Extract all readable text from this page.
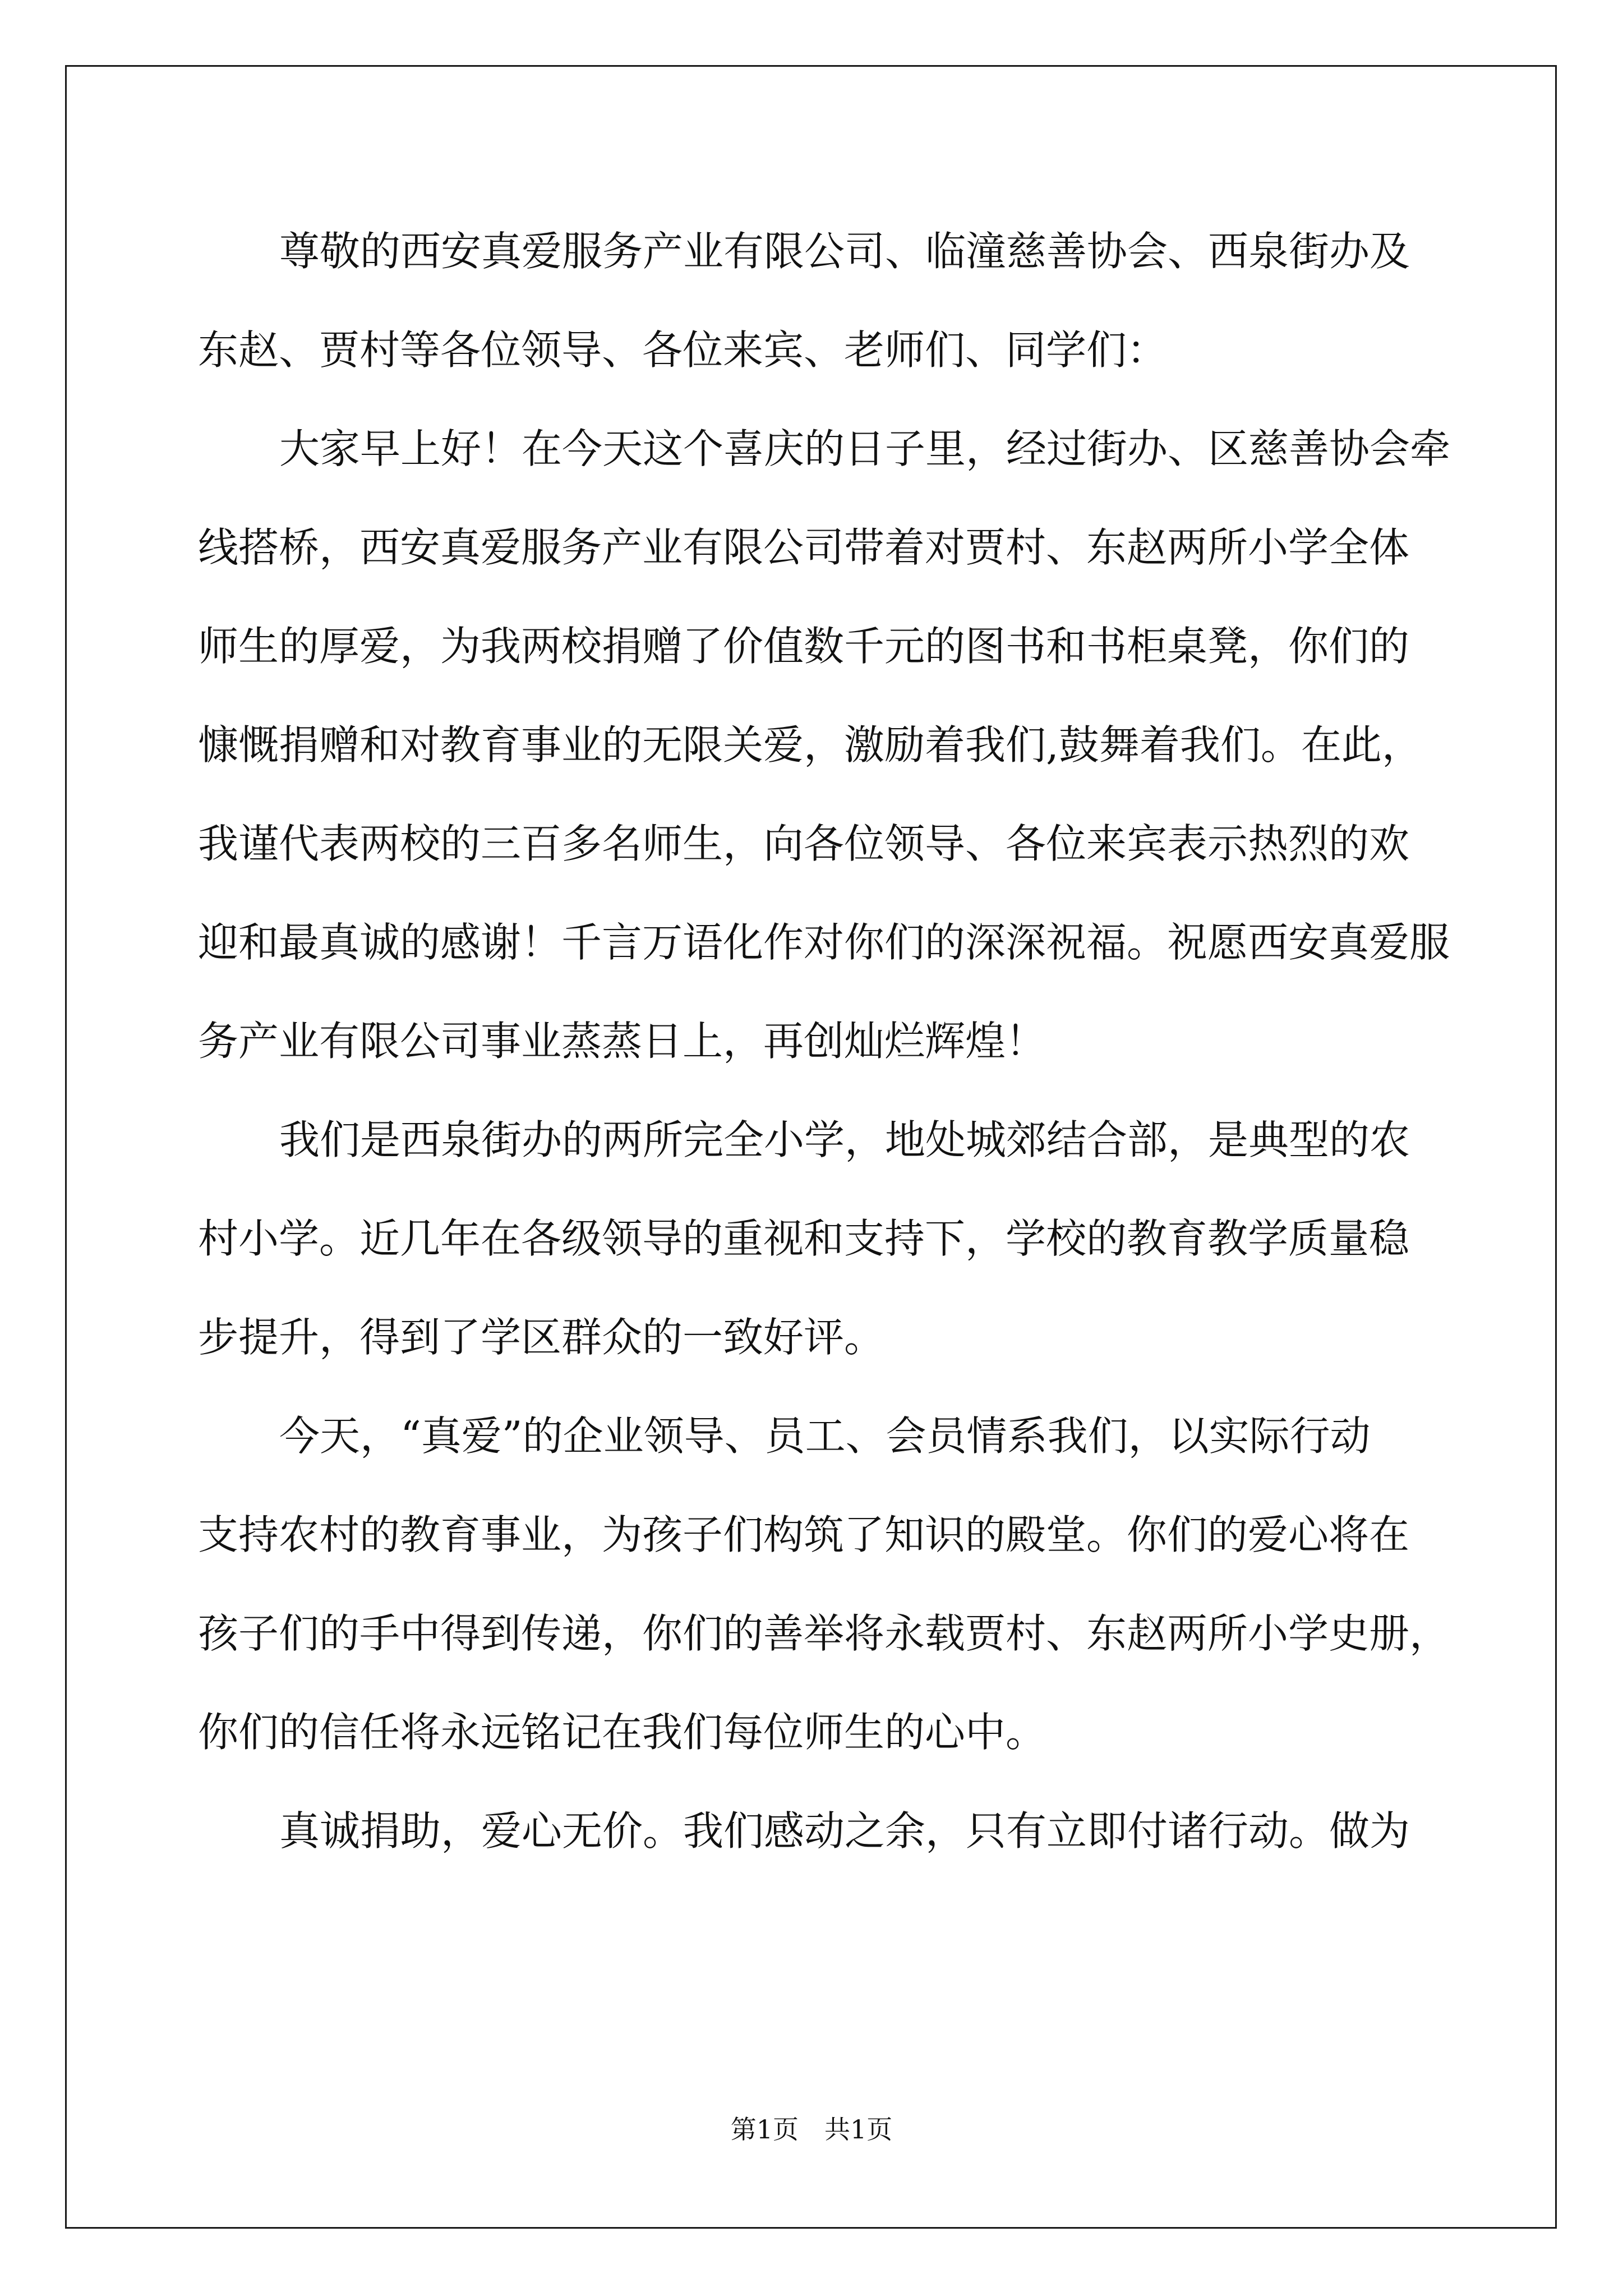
尊敬的西安真爱服务产业有限公司、临潼慈善协会、西泉街办及
东赵、贾村等各位领导、各位来宾、老师们、同学们：
大家早上好！在今天这个喜庆的日子里，经过街办、区慈善协会牵
线搭桥，西安真爱服务产业有限公司带着对贾村、东赵两所小学全体
师生的厚爱，为我两校捐赠了价值数千元的图书和书柜桌凳，你们的
慷慨捐赠和对教育事业的无限关爱，激励着我们,鼓舞着我们。在此，
我谨代表两校的三百多名师生，向各位领导、各位来宾表示热烈的欢
迎和最真诚的感谢！千言万语化作对你们的深深祝福。祝愿西安真爱服
务产业有限公司事业蒸蒸日上，再创灿烂辉煌！
我们是西泉街办的两所完全小学，地处城郊结合部，是典型的农
村小学。近几年在各级领导的重视和支持下，学校的教育教学质量稳
步提升，得到了学区群众的一致好评。
今天，“真爱”的企业领导、员工、会员情系我们，以实际行动
支持农村的教育事业，为孩子们构筑了知识的殿堂。你们的爱心将在
孩子们的手中得到传递，你们的善举将永载贾村、东赵两所小学史册，
你们的信任将永远铭记在我们每位师生的心中。
真诚捐助，爱心无价。我们感动之余，只有立即付诸行动。做为
第1页　共1页
